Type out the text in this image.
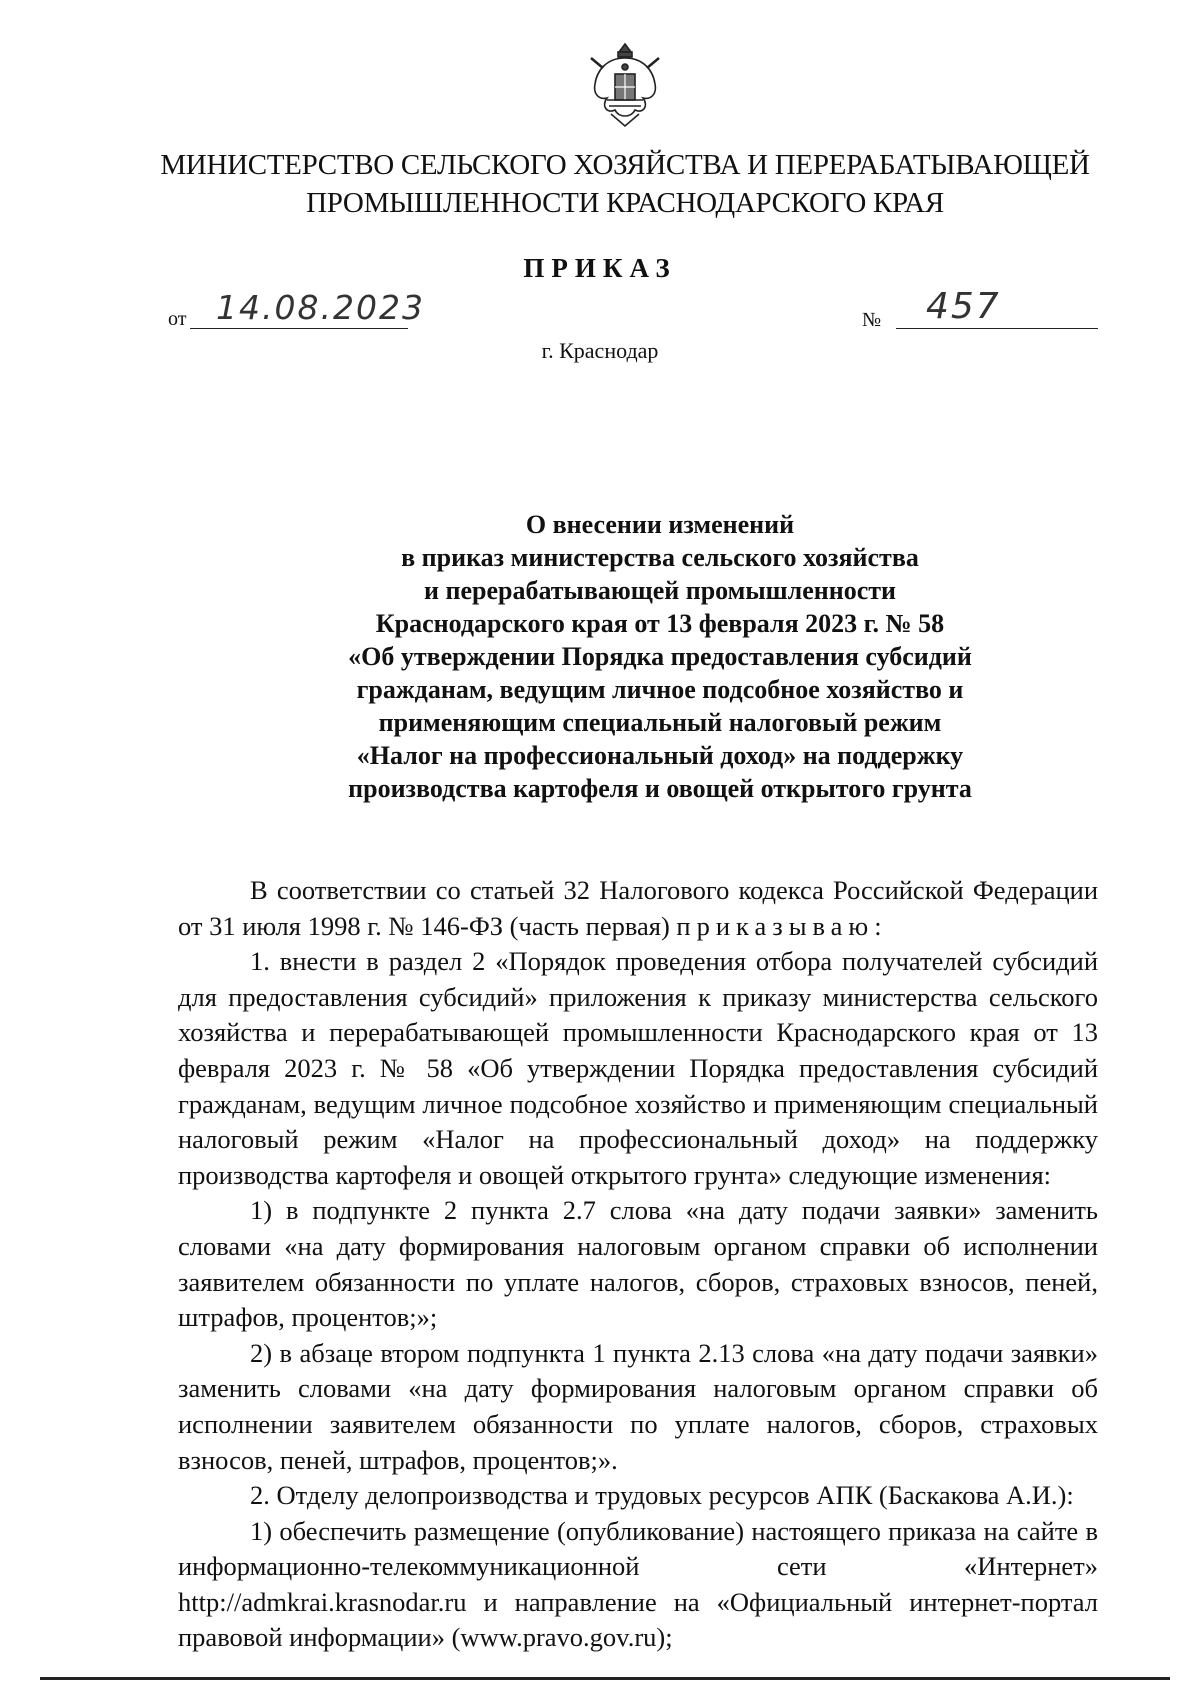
МИНИСТЕРСТВО СЕЛЬСКОГО ХОЗЯЙСТВА И ПЕРЕРАБАТЫВАЮЩЕЙ
ПРОМЫШЛЕННОСТИ КРАСНОДАРСКОГО КРАЯ
ПРИКАЗ
от 14.08.2023	№ 457
г. Краснодар
О внесении изменений
в приказ министерства сельского хозяйства
и перерабатывающей промышленности
Краснодарского края от 13 февраля 2023 г. № 58
«Об утверждении Порядка предоставления субсидий
гражданам, ведущим личное подсобное хозяйство и
применяющим специальный налоговый режим
«Налог на профессиональный доход» на поддержку
производства картофеля и овощей открытого грунта

В соответствии со статьей 32 Налогового кодекса Российской Федерации от 31 июля 1998 г. № 146-ФЗ (часть первая) приказываю:

1. внести в раздел 2 «Порядок проведения отбора получателей субсидий для предоставления субсидий» приложения к приказу министерства сельского хозяйства и перерабатывающей промышленности Краснодарского края от 13 февраля 2023 г. № 58 «Об утверждении Порядка предоставления субсидий гражданам, ведущим личное подсобное хозяйство и применяющим специальный налоговый режим «Налог на профессиональный доход» на поддержку производства картофеля и овощей открытого грунта» следующие изменения:

1) в подпункте 2 пункта 2.7 слова «на дату подачи заявки» заменить словами «на дату формирования налоговым органом справки об исполнении заявителем обязанности по уплате налогов, сборов, страховых взносов, пеней, штрафов, процентов;»;

2) в абзаце втором подпункта 1 пункта 2.13 слова «на дату подачи заявки» заменить словами «на дату формирования налоговым органом справки об исполнении заявителем обязанности по уплате налогов, сборов, страховых взносов, пеней, штрафов, процентов;».

2. Отделу делопроизводства и трудовых ресурсов АПК (Баскакова А.И.):

1) обеспечить размещение (опубликование) настоящего приказа на сайте в информационно-телекоммуникационной сети «Интернет» http://admkrai.krasnodar.ru и направление на «Официальный интернет-портал правовой информации» (www.pravo.gov.ru);
